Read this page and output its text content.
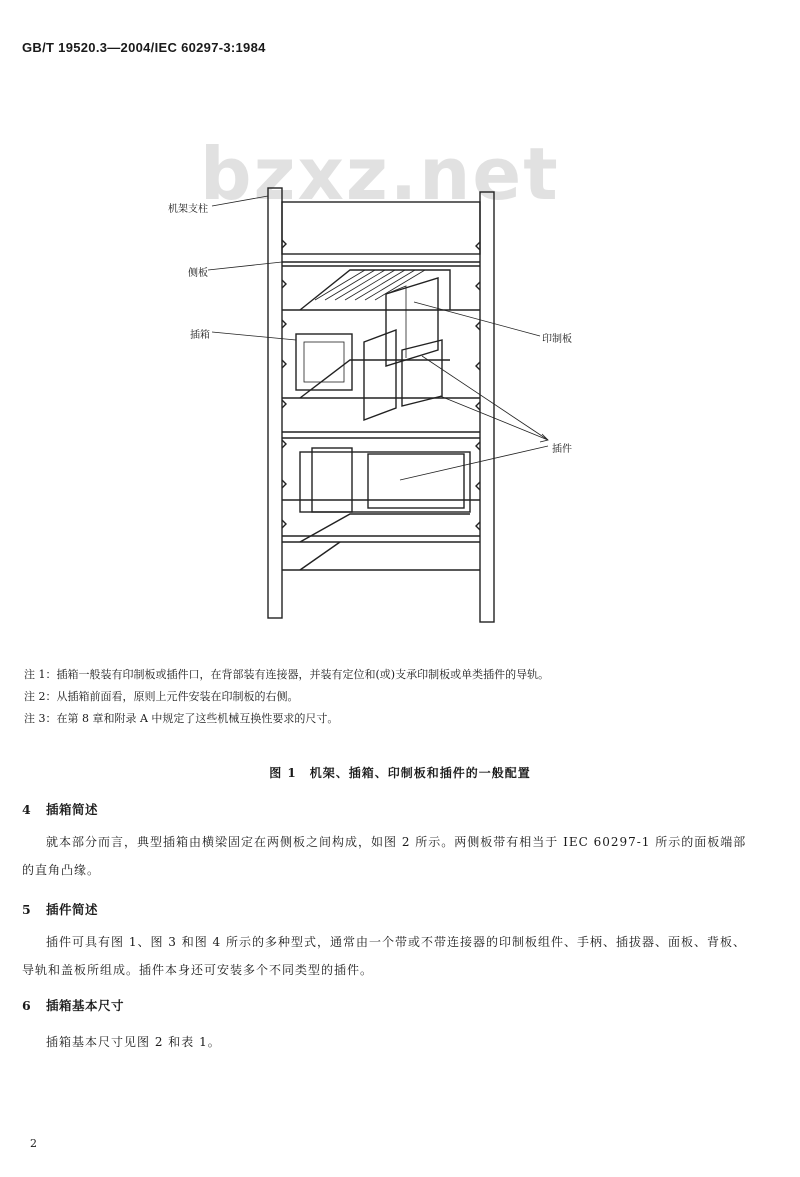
GB/T 19520.3—2004/IEC 60297-3:1984
bzxz.net
机架支柱
侧板
插箱	印制板
插件
注 1：插箱一般装有印制板或插件口，在背部装有连接器，并装有定位和(或)支承印制板或单类插件的导轨。
注 2：从插箱前面看，原则上元件安装在印制板的右侧。
注 3：在第 8 章和附录 A 中规定了这些机械互换性要求的尺寸。
图 1　机架、插箱、印制板和插件的一般配置
4 插箱简述
就本部分而言，典型插箱由横梁固定在两侧板之间构成，如图 2 所示。两侧板带有相当于 IEC 60297-1 所示的面板端部的直角凸缘。
5 插件简述
插件可具有图 1、图 3 和图 4 所示的多种型式，通常由一个带或不带连接器的印制板组件、手柄、插拔器、面板、背板、导轨和盖板所组成。插件本身还可安装多个不同类型的插件。
6 插箱基本尺寸
插箱基本尺寸见图 2 和表 1。
2
